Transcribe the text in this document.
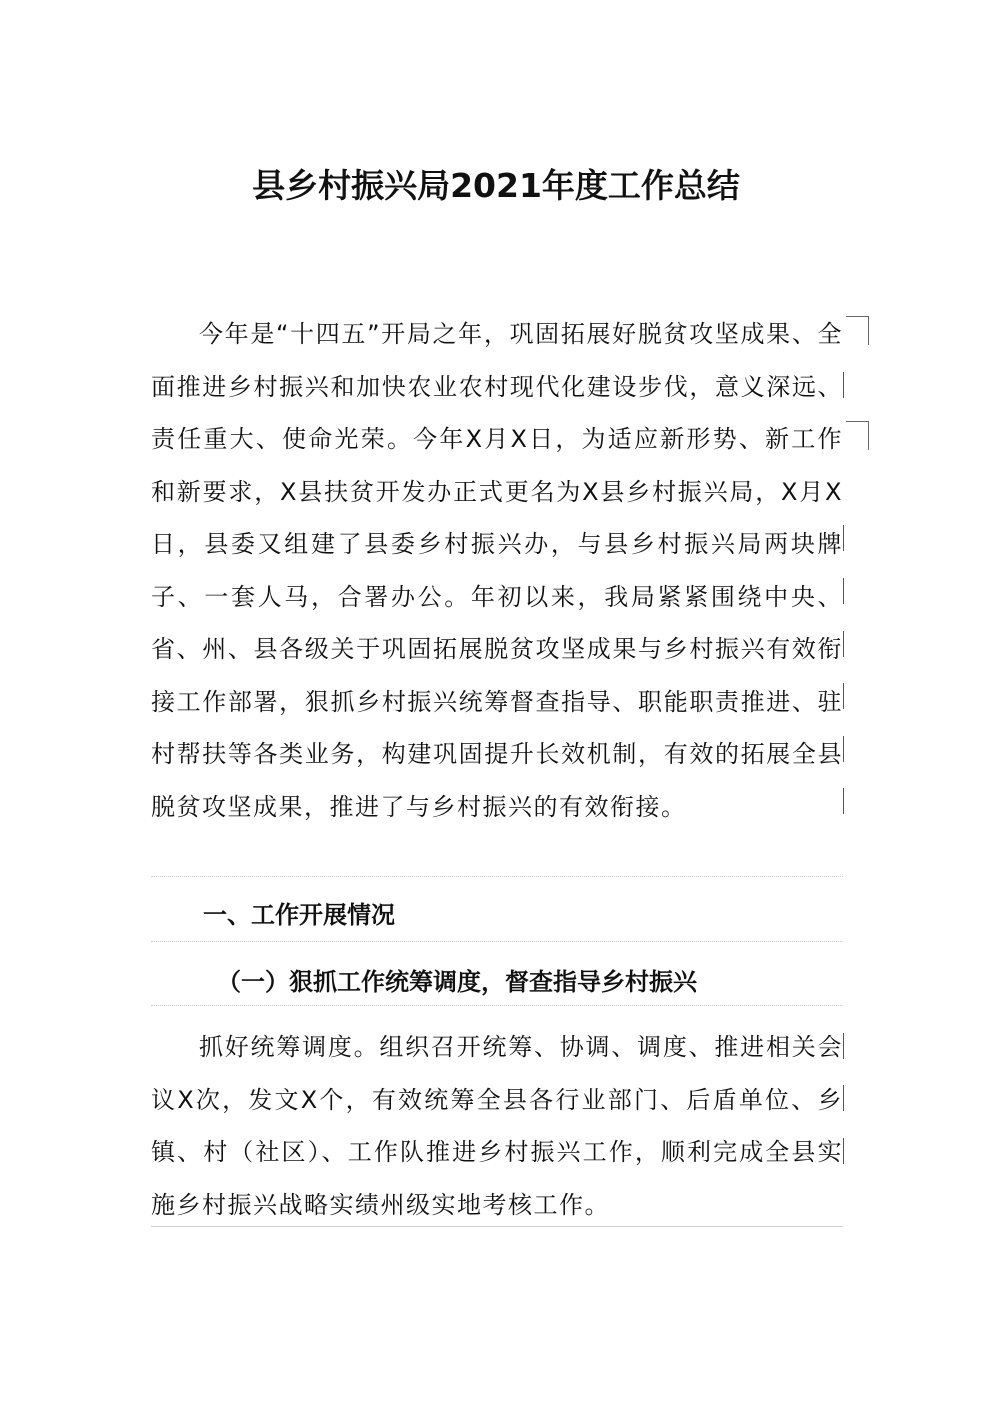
县乡村振兴局2021年度工作总结

今年是“十四五”开局之年，巩固拓展好脱贫攻坚成果、全面推进乡村振兴和加快农业农村现代化建设步伐，意义深远、责任重大、使命光荣。今年X月X日，为适应新形势、新工作和新要求，X县扶贫开发办正式更名为X县乡村振兴局，X月X日，县委又组建了县委乡村振兴办，与县乡村振兴局两块牌子、一套人马，合署办公。年初以来，我局紧紧围绕中央、省、州、县各级关于巩固拓展脱贫攻坚成果与乡村振兴有效衔接工作部署，狠抓乡村振兴统筹督查指导、职能职责推进、驻村帮扶等各类业务，构建巩固提升长效机制，有效的拓展全县脱贫攻坚成果，推进了与乡村振兴的有效衔接。

一、工作开展情况
（一）狠抓工作统筹调度，督查指导乡村振兴

抓好统筹调度。组织召开统筹、协调、调度、推进相关会议X次，发文X个，有效统筹全县各行业部门、后盾单位、乡镇、村（社区）、工作队推进乡村振兴工作，顺利完成全县实施乡村振兴战略实绩州级实地考核工作。
